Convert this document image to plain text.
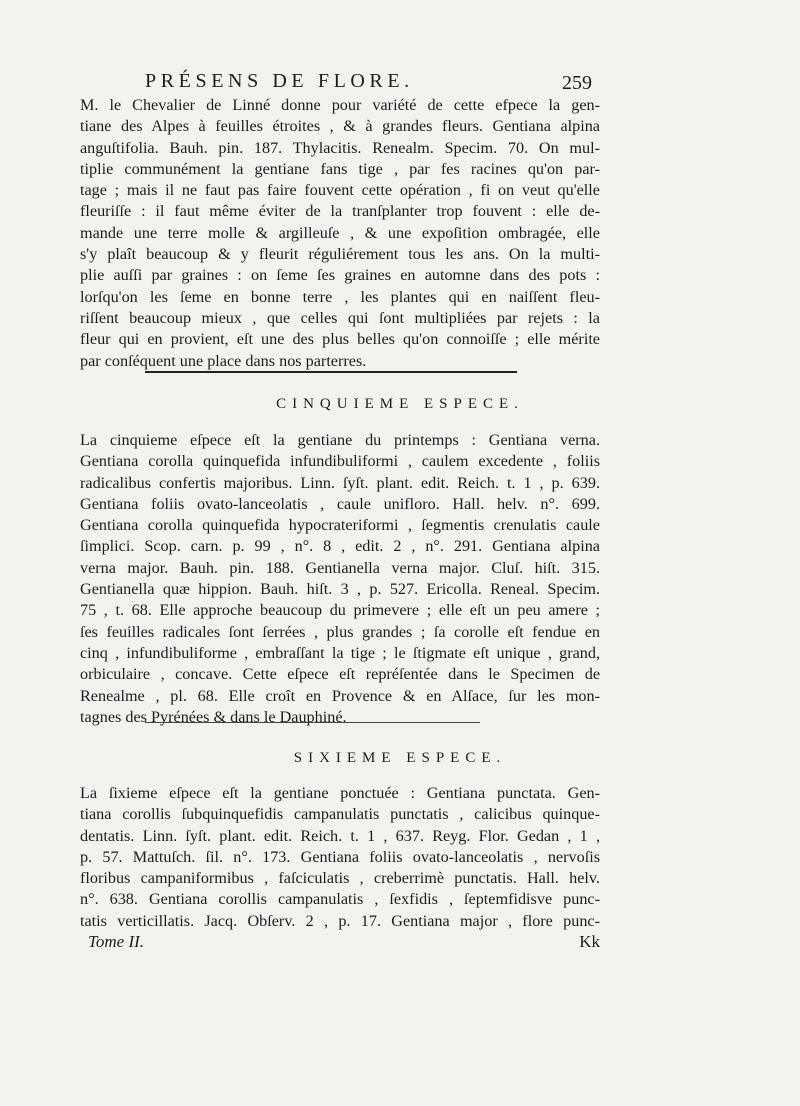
PRÉSENS DE FLORE.	259
M. le Chevalier de Linné donne pour variété de cette efpece la gen-
tiane des Alpes à feuilles étroites , & à grandes fleurs. Gentiana alpina
anguſtifolia. Bauh. pin. 187. Thylacitis. Renealm. Specim. 70. On mul-
tiplie communément la gentiane fans tige , par fes racines qu'on par-
tage ; mais il ne faut pas faire fouvent cette opération , fi on veut qu'elle
fleuriſſe : il faut même éviter de la tranſplanter trop fouvent : elle de-
mande une terre molle & argilleuſe , & une expoſition ombragée, elle
s'y plaît beaucoup & y fleurit réguliérement tous les ans. On la multi-
plie auſſi par graines : on ſeme ſes graines en automne dans des pots :
lorſqu'on les ſeme en bonne terre , les plantes qui en naiſſent fleu-
riſſent beaucoup mieux , que celles qui ſont multipliées par rejets : la
fleur qui en provient, eſt une des plus belles qu'on connoiſſe ; elle mérite
par conſéquent une place dans nos parterres.
CINQUIEME ESPECE.
La cinquieme eſpece eſt la gentiane du printemps : Gentiana verna.
Gentiana corolla quinquefida infundibuliformi , caulem excedente , foliis
radicalibus confertis majoribus. Linn. ſyſt. plant. edit. Reich. t. 1 , p. 639.
Gentiana foliis ovato-lanceolatis , caule unifloro. Hall. helv. n°. 699.
Gentiana corolla quinquefida hypocrateriformi , ſegmentis crenulatis caule
ſimplici. Scop. carn. p. 99 , n°. 8 , edit. 2 , n°. 291. Gentiana alpina
verna major. Bauh. pin. 188. Gentianella verna major. Cluſ. hiſt. 315.
Gentianella quæ hippion. Bauh. hiſt. 3 , p. 527. Ericolla. Reneal. Specim.
75 , t. 68. Elle approche beaucoup du primevere ; elle eſt un peu amere ;
ſes feuilles radicales ſont ſerrées , plus grandes ; ſa corolle eſt fendue en
cinq , infundibuliforme , embraſſant la tige ; le ſtigmate eſt unique , grand,
orbiculaire , concave. Cette eſpece eſt repréſentée dans le Specimen de
Renealme , pl. 68. Elle croît en Provence & en Alſace, ſur les mon-
tagnes des Pyrénées & dans le Dauphiné.
SIXIEME ESPECE.
La ſixieme eſpece eſt la gentiane ponctuée : Gentiana punctata. Gen-
tiana corollis ſubquinquefidis campanulatis punctatis , calicibus quinque-
dentatis. Linn. ſyſt. plant. edit. Reich. t. 1 , 637. Reyg. Flor. Gedan , 1 ,
p. 57. Mattuſch. ſil. n°. 173. Gentiana foliis ovato-lanceolatis , nervoſis
floribus campaniformibus , faſciculatis , creberrimè punctatis. Hall. helv.
n°. 638. Gentiana corollis campanulatis , ſexfidis , ſeptemfidisve punc-
tatis verticillatis. Jacq. Obſerv. 2 , p. 17. Gentiana major , flore punc-
Tome II.	Kk
